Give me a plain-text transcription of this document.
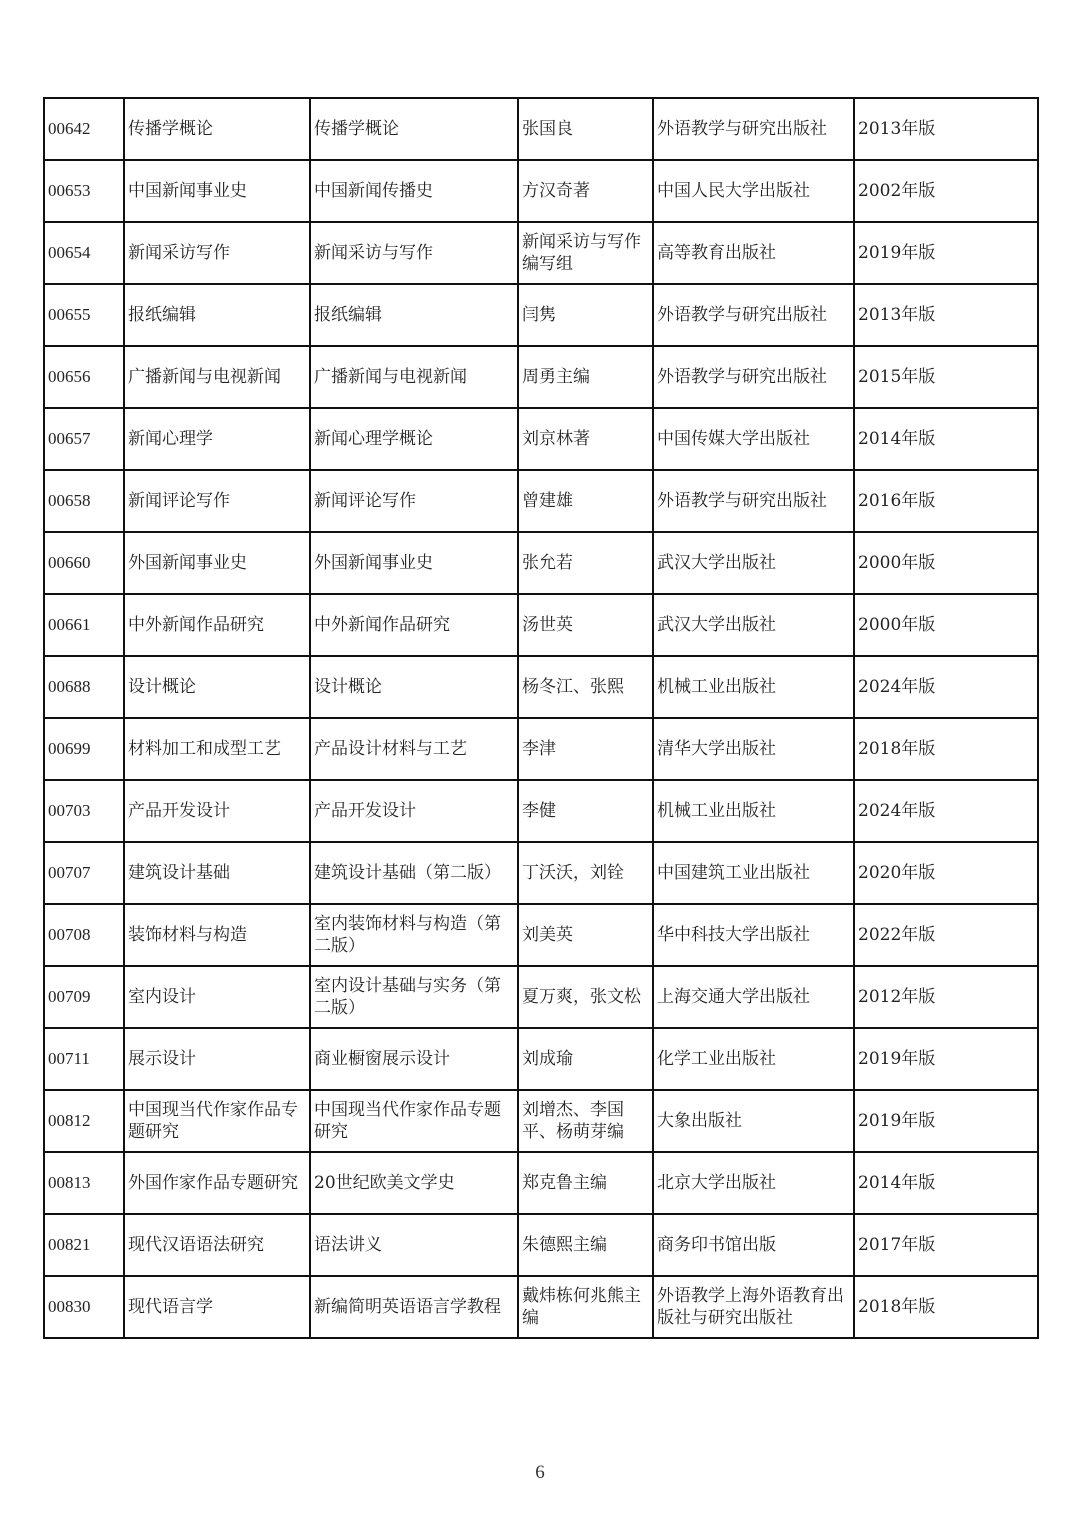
00642	传播学概论	传播学概论	张国良	外语教学与研究出版社	2013年版
00653	中国新闻事业史	中国新闻传播史	方汉奇著	中国人民大学出版社	2002年版
00654	新闻采访写作	新闻采访与写作	新闻采访与写作编写组	高等教育出版社	2019年版
00655	报纸编辑	报纸编辑	闫隽	外语教学与研究出版社	2013年版
00656	广播新闻与电视新闻	广播新闻与电视新闻	周勇主编	外语教学与研究出版社	2015年版
00657	新闻心理学	新闻心理学概论	刘京林著	中国传媒大学出版社	2014年版
00658	新闻评论写作	新闻评论写作	曾建雄	外语教学与研究出版社	2016年版
00660	外国新闻事业史	外国新闻事业史	张允若	武汉大学出版社	2000年版
00661	中外新闻作品研究	中外新闻作品研究	汤世英	武汉大学出版社	2000年版
00688	设计概论	设计概论	杨冬江、张熙	机械工业出版社	2024年版
00699	材料加工和成型工艺	产品设计材料与工艺	李津	清华大学出版社	2018年版
00703	产品开发设计	产品开发设计	李健	机械工业出版社	2024年版
00707	建筑设计基础	建筑设计基础（第二版）	丁沃沃，刘铨	中国建筑工业出版社	2020年版
00708	装饰材料与构造	室内装饰材料与构造（第二版）	刘美英	华中科技大学出版社	2022年版
00709	室内设计	室内设计基础与实务（第二版）	夏万爽，张文松	上海交通大学出版社	2012年版
00711	展示设计	商业橱窗展示设计	刘成瑜	化学工业出版社	2019年版
00812	中国现当代作家作品专题研究	中国现当代作家作品专题研究	刘增杰、李国平、杨萌芽编	大象出版社	2019年版
00813	外国作家作品专题研究	20世纪欧美文学史	郑克鲁主编	北京大学出版社	2014年版
00821	现代汉语语法研究	语法讲义	朱德熙主编	商务印书馆出版	2017年版
00830	现代语言学	新编简明英语语言学教程	戴炜栋何兆熊主编	外语教学上海外语教育出版社与研究出版社	2018年版
6
